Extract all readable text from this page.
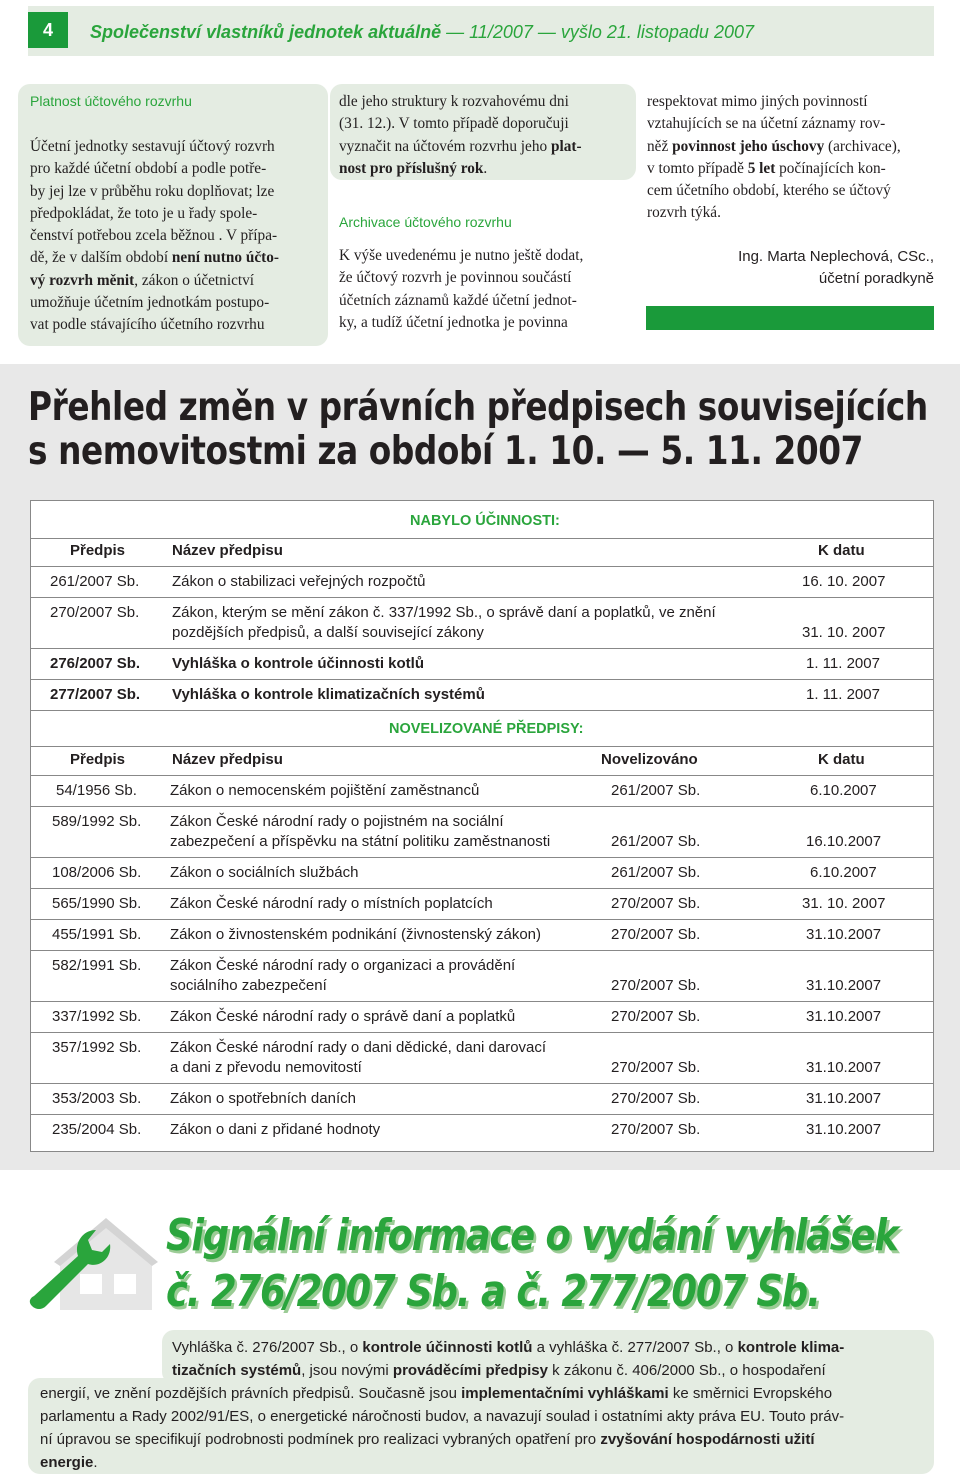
4	Společenství vlastníků jednotek aktuálně — 11/2007 — vyšlo 21. listopadu 2007
Platnost účtového rozvrhu
Účetní jednotky sestavují účtový rozvrh
pro každé účetní období a podle potře-
by jej lze v průběhu roku doplňovat; lze
předpokládat, že toto je u řady spole-
čenství potřebou zcela běžnou . V přípa-
dě, že v dalším období není nutno účto-
vý rozvrh měnit, zákon o účetnictví
umožňuje účetním jednotkám postupo-
vat podle stávajícího účetního rozvrhu
dle jeho struktury k rozvahovému dni
(31. 12.). V tomto případě doporučuji
vyznačit na účtovém rozvrhu jeho plat-
nost pro příslušný rok.
Archivace účtového rozvrhu
K výše uvedenému je nutno ještě dodat,
že účtový rozvrh je povinnou součástí
účetních záznamů každé účetní jednot-
ky, a tudíž účetní jednotka je povinna
respektovat mimo jiných povinností
vztahujících se na účetní záznamy rov-
něž povinnost jeho úschovy (archivace),
v tomto případě 5 let počínajících kon-
cem účetního období, kterého se účtový
rozvrh týká.
Ing. Marta Neplechová, CSc.,
účetní poradkyně
Přehled změn v právních předpisech souvisejících
s nemovitostmi za období 1. 10. — 5. 11. 2007
NABYLO ÚČINNOSTI:
Předpis	Název předpisu	K datu
261/2007 Sb. Zákon o stabilizaci veřejných rozpočtů	16. 10. 2007
270/2007 Sb. Zákon, kterým se mění zákon č. 337/1992 Sb., o správě daní a poplatků, ve znění
pozdějších předpisů, a další související zákony	31. 10. 2007
276/2007 Sb. Vyhláška o kontrole účinnosti kotlů	1. 11. 2007
277/2007 Sb. Vyhláška o kontrole klimatizačních systémů	1. 11. 2007
NOVELIZOVANÉ PŘEDPISY:
Předpis	Název předpisu	Novelizováno	K datu
54/1956 Sb. Zákon o nemocenském pojištění zaměstnanců	261/2007 Sb.	6.10.2007
589/1992 Sb. Zákon České národní rady o pojistném na sociální
zabezpečení a příspěvku na státní politiku zaměstnanosti	261/2007 Sb.	16.10.2007
108/2006 Sb. Zákon o sociálních službách	261/2007 Sb.	6.10.2007
565/1990 Sb. Zákon České národní rady o místních poplatcích	270/2007 Sb.	31. 10. 2007
455/1991 Sb. Zákon o živnostenském podnikání (živnostenský zákon)	270/2007 Sb.	31.10.2007
582/1991 Sb. Zákon České národní rady o organizaci a provádění
sociálního zabezpečení	270/2007 Sb.	31.10.2007
337/1992 Sb. Zákon České národní rady o správě daní a poplatků	270/2007 Sb.	31.10.2007
357/1992 Sb. Zákon České národní rady o dani dědické, dani darovací
a dani z převodu nemovitostí	270/2007 Sb.	31.10.2007
353/2003 Sb. Zákon o spotřebních daních	270/2007 Sb.	31.10.2007
235/2004 Sb. Zákon o dani z přidané hodnoty	270/2007 Sb.	31.10.2007
Signální informace o vydání vyhlášek
č. 276/2007 Sb. a č. 277/2007 Sb.
Vyhláška č. 276/2007 Sb., o kontrole účinnosti kotlů a vyhláška č. 277/2007 Sb., o kontrole klima-
tizačních systémů, jsou novými prováděcími předpisy k zákonu č. 406/2000 Sb., o hospodaření
energií, ve znění pozdějších právních předpisů. Současně jsou implementačními vyhláškami ke směrnici Evropského
parlamentu a Rady 2002/91/ES, o energetické náročnosti budov, a navazují soulad i ostatními akty práva EU. Touto práv-
ní úpravou se specifikují podrobnosti podmínek pro realizaci vybraných opatření pro zvyšování hospodárnosti užití
energie.
